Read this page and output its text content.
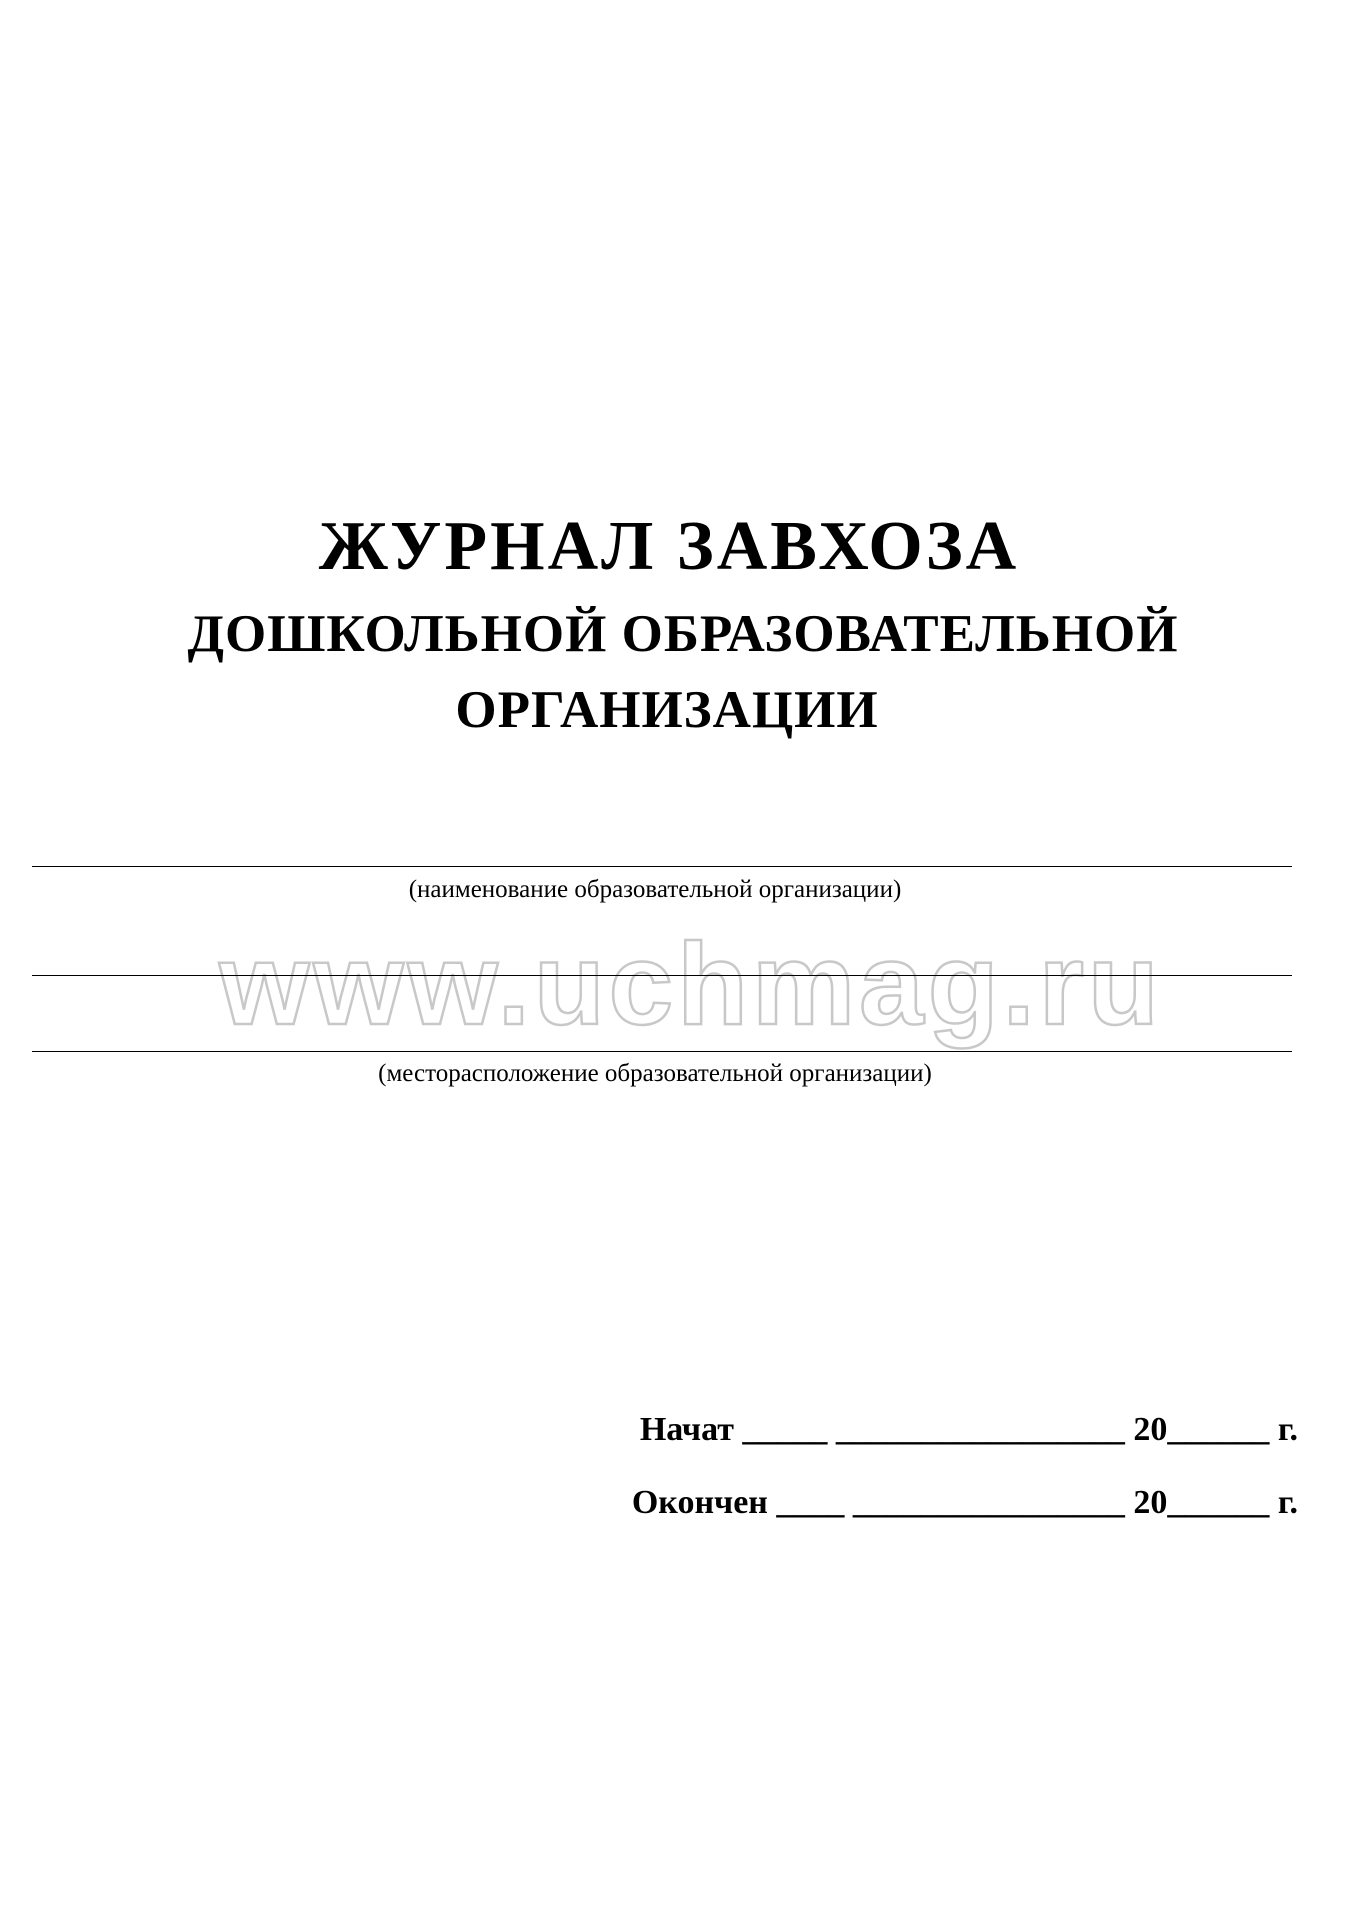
ЖУРНАЛ ЗАВХОЗА
ДОШКОЛЬНОЙ ОБРАЗОВАТЕЛЬНОЙ
ОРГАНИЗАЦИИ
(наименование образовательной организации)
www.uchmag.ru
(месторасположение образовательной организации)
Начат _____ _________________ 20______ г.
Окончен ____ ________________ 20______ г.
